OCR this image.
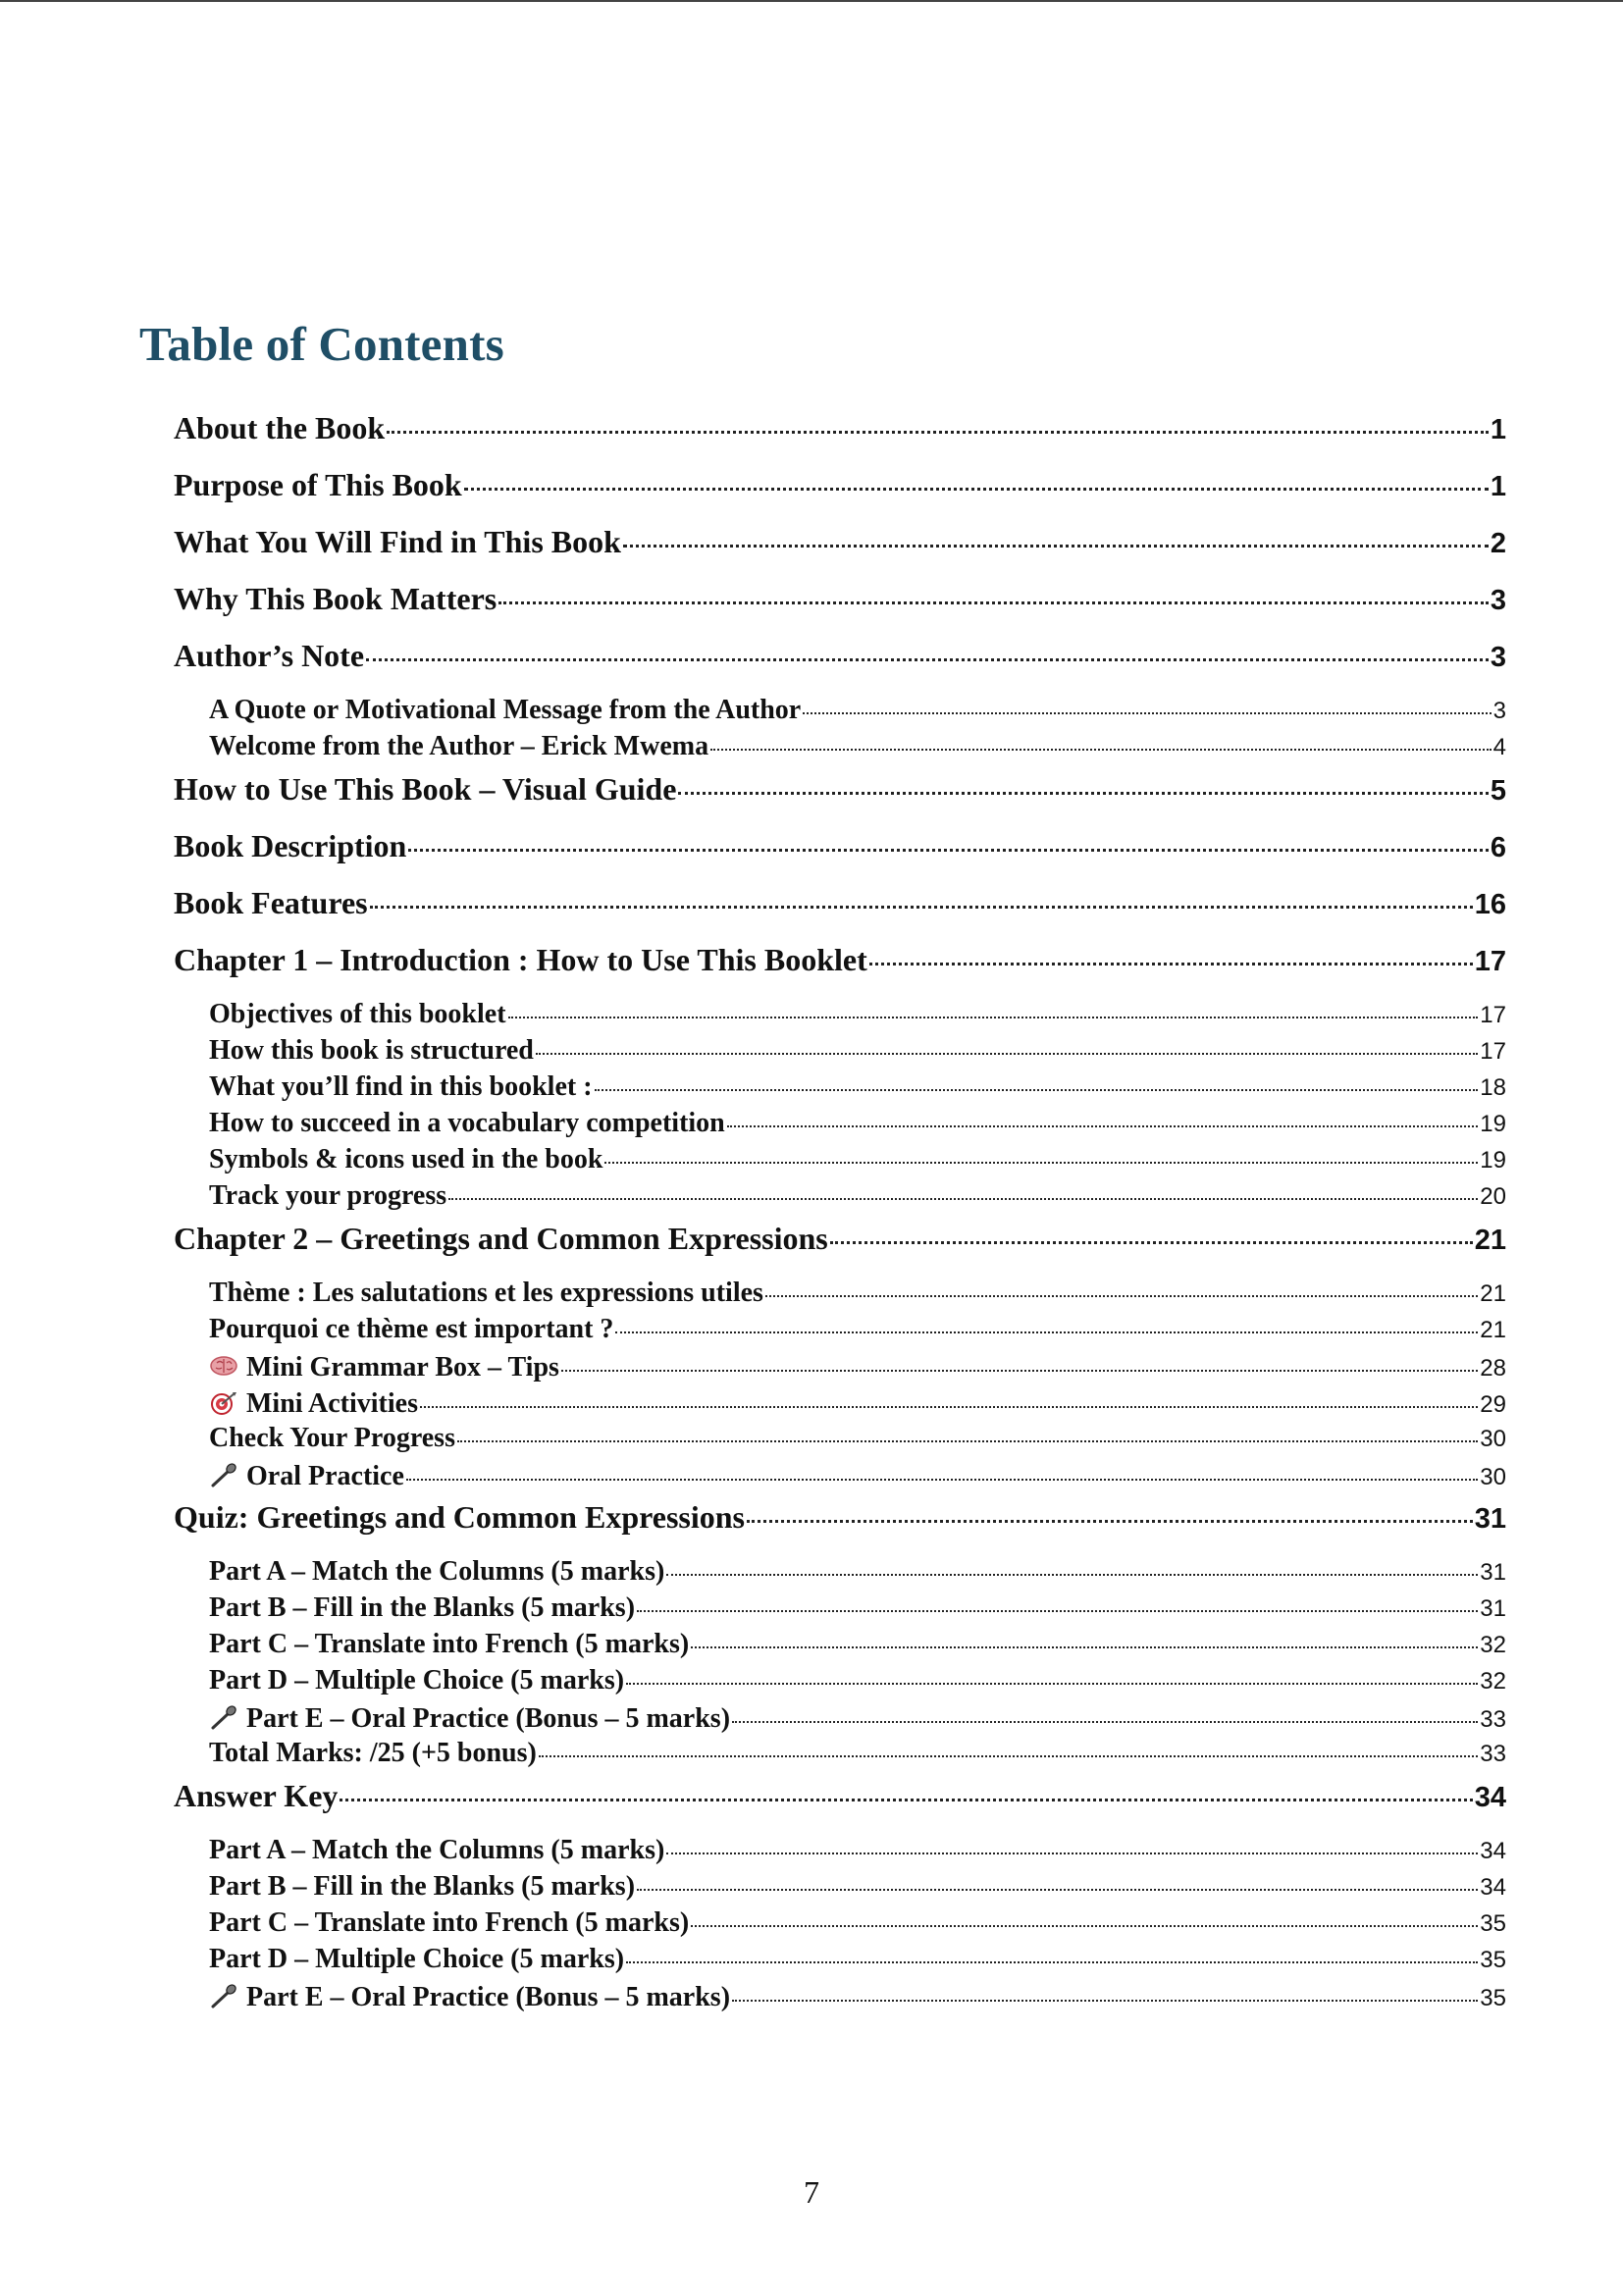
Table of Contents
About the Book	1
Purpose of This Book	1
What You Will Find in This Book	2
Why This Book Matters	3
Author’s Note	3
A Quote or Motivational Message from the Author	3
Welcome from the Author – Erick Mwema	4
How to Use This Book – Visual Guide	5
Book Description	6
Book Features	16
Chapter 1 – Introduction : How to Use This Booklet	17
Objectives of this booklet	17
How this book is structured	17
What you’ll find in this booklet :	18
How to succeed in a vocabulary competition	19
Symbols & icons used in the book	19
Track your progress	20
Chapter 2 – Greetings and Common Expressions	21
Thème : Les salutations et les expressions utiles	21
Pourquoi ce thème est important ?	21
Mini Grammar Box – Tips	28
Mini Activities	29
Check Your Progress	30
Oral Practice	30
Quiz: Greetings and Common Expressions	31
Part A – Match the Columns (5 marks)	31
Part B – Fill in the Blanks (5 marks)	31
Part C – Translate into French (5 marks)	32
Part D – Multiple Choice (5 marks)	32
Part E – Oral Practice (Bonus – 5 marks)	33
Total Marks: /25 (+5 bonus)	33
Answer Key	34
Part A – Match the Columns (5 marks)	34
Part B – Fill in the Blanks (5 marks)	34
Part C – Translate into French (5 marks)	35
Part D – Multiple Choice (5 marks)	35
Part E – Oral Practice (Bonus – 5 marks)	35
7
